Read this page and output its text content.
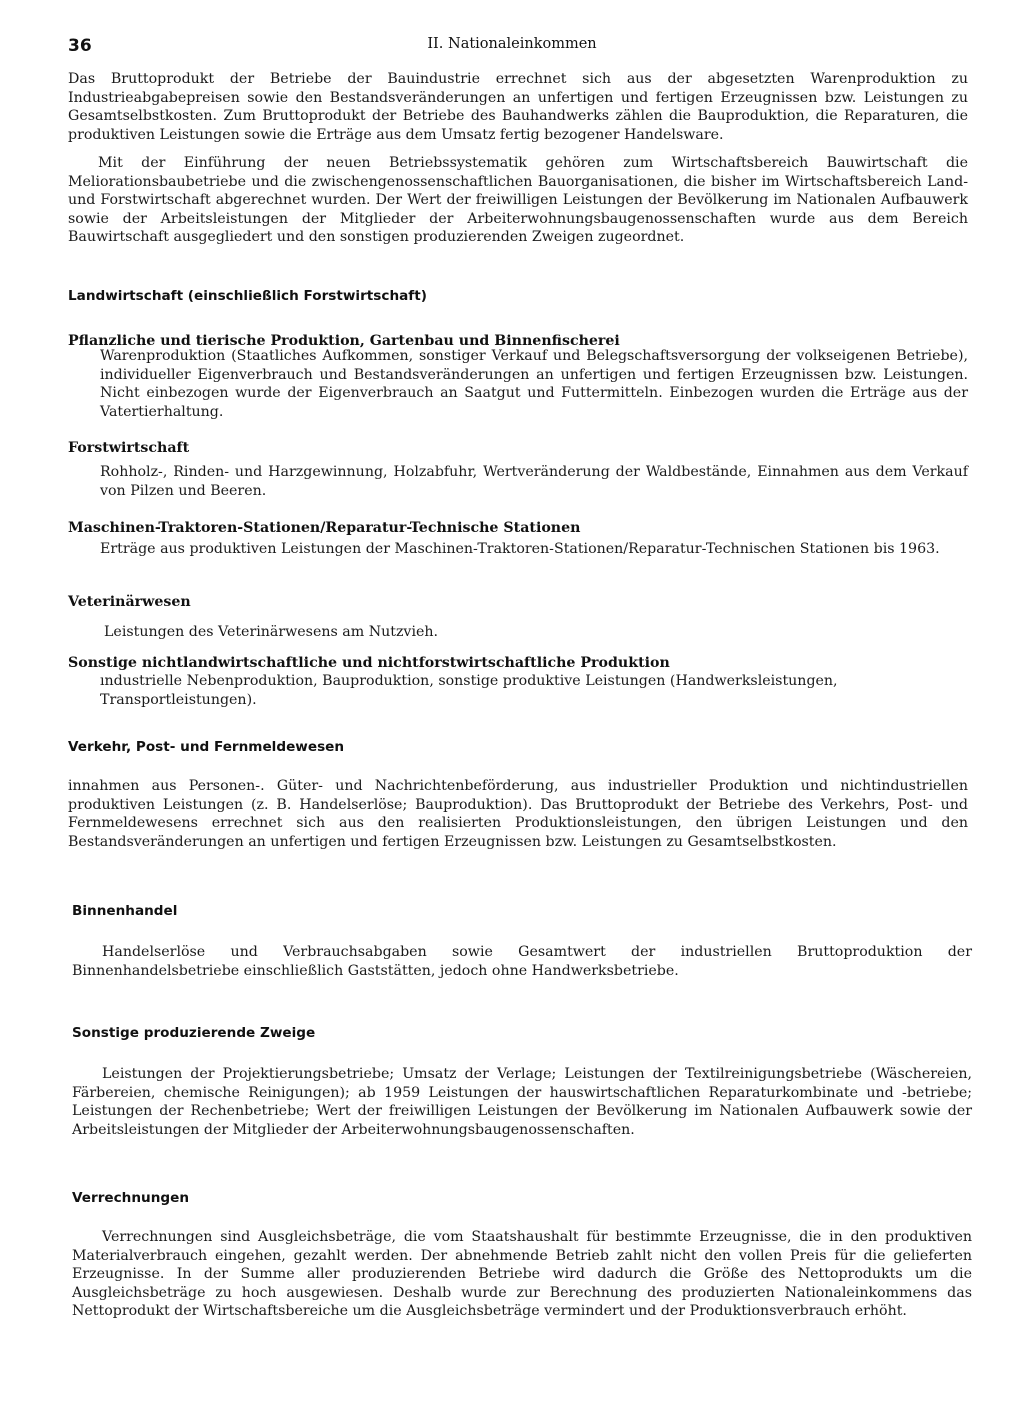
36	II. Nationaleinkommen

Das Bruttoprodukt der Betriebe der Bauindustrie errechnet sich aus der abgesetzten Warenproduktion zu Industrieabgabepreisen sowie den Bestandsveränderungen an unfertigen und fertigen Erzeugnissen bzw. Leistungen zu Gesamtselbstkosten. Zum Bruttoprodukt der Betriebe des Bauhandwerks zählen die Bauproduktion, die Reparaturen, die produktiven Leistungen sowie die Erträge aus dem Umsatz fertig bezogener Handelsware.

Mit der Einführung der neuen Betriebssystematik gehören zum Wirtschaftsbereich Bauwirtschaft die Meliorationsbaubetriebe und die zwischengenossenschaftlichen Bauorganisationen, die bisher im Wirtschaftsbereich Land- und Forstwirtschaft abgerechnet wurden. Der Wert der freiwilligen Leistungen der Bevölkerung im Nationalen Aufbauwerk sowie der Arbeitsleistungen der Mitglieder der Arbeiterwohnungsbaugenossenschaften wurde aus dem Bereich Bauwirtschaft ausgegliedert und den sonstigen produzierenden Zweigen zugeordnet.

Landwirtschaft (einschließlich Forstwirtschaft)
Pflanzliche und tierische Produktion, Gartenbau und Binnenfischerei

Warenproduktion (Staatliches Aufkommen, sonstiger Verkauf und Belegschaftsversorgung der volkseigenen Betriebe), individueller Eigenverbrauch und Bestandsveränderungen an unfertigen und fertigen Erzeugnissen bzw. Leistungen. Nicht einbezogen wurde der Eigenverbrauch an Saatgut und Futtermitteln. Einbezogen wurden die Erträge aus der Vatertierhaltung.

Forstwirtschaft

Rohholz-, Rinden- und Harzgewinnung, Holzabfuhr, Wertveränderung der Waldbestände, Einnahmen aus dem Verkauf von Pilzen und Beeren.

Maschinen-Traktoren-Stationen/Reparatur-Technische Stationen

Erträge aus produktiven Leistungen der Maschinen-Traktoren-Stationen/Reparatur-Technischen Stationen bis 1963.

Veterinärwesen

Leistungen des Veterinärwesens am Nutzvieh.

Sonstige nichtlandwirtschaftliche und nichtforstwirtschaftliche Produktion

ındustrielle Nebenproduktion, Bauproduktion, sonstige produktive Leistungen (Handwerksleistungen, Transportleistungen).

Verkehr, Post- und Fernmeldewesen

innahmen aus Personen-. Güter- und Nachrichtenbeförderung, aus industrieller Produktion und nichtindustriellen produktiven Leistungen (z. B. Handelserlöse; Bauproduktion). Das Bruttoprodukt der Betriebe des Verkehrs, Post- und Fernmeldewesens errechnet sich aus den realisierten Produktionsleistungen, den übrigen Leistungen und den Bestandsveränderungen an unfertigen und fertigen Erzeugnissen bzw. Leistungen zu Gesamtselbstkosten.

Binnenhandel

Handelserlöse und Verbrauchsabgaben sowie Gesamtwert der industriellen Bruttoproduktion der Binnenhandelsbetriebe einschließlich Gaststätten, jedoch ohne Handwerksbetriebe.

Sonstige produzierende Zweige

Leistungen der Projektierungsbetriebe; Umsatz der Verlage; Leistungen der Textilreinigungsbetriebe (Wäschereien, Färbereien, chemische Reinigungen); ab 1959 Leistungen der hauswirtschaftlichen Reparaturkombinate und -betriebe; Leistungen der Rechenbetriebe; Wert der freiwilligen Leistungen der Bevölkerung im Nationalen Aufbauwerk sowie der Arbeitsleistungen der Mitglieder der Arbeiterwohnungsbaugenossenschaften.

Verrechnungen

Verrechnungen sind Ausgleichsbeträge, die vom Staatshaushalt für bestimmte Erzeugnisse, die in den produktiven Materialverbrauch eingehen, gezahlt werden. Der abnehmende Betrieb zahlt nicht den vollen Preis für die gelieferten Erzeugnisse. In der Summe aller produzierenden Betriebe wird dadurch die Größe des Nettoprodukts um die Ausgleichsbeträge zu hoch ausgewiesen. Deshalb wurde zur Berechnung des produzierten Nationaleinkommens das Nettoprodukt der Wirtschaftsbereiche um die Ausgleichsbeträge vermindert und der Produktionsverbrauch erhöht.
